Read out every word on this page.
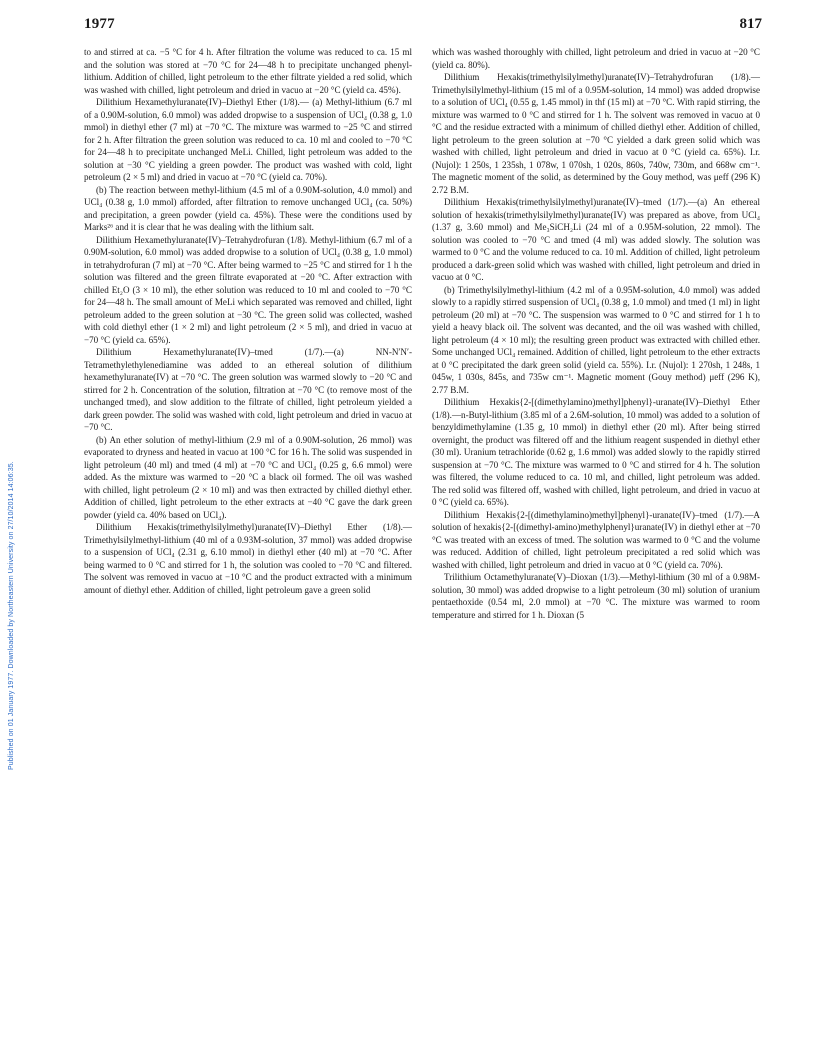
1977	817
Published on 01 January 1977. Downloaded by Northeastern University on 27/10/2014 14:06:35.

to and stirred at ca. −5 °C for 4 h. After filtration the volume was reduced to ca. 15 ml and the solution was stored at −70 °C for 24—48 h to precipitate unchanged phenyl-lithium. Addition of chilled, light petroleum to the ether filtrate yielded a red solid, which was washed with chilled, light petroleum and dried in vacuo at −20 °C (yield ca. 45%).

Dilithium Hexamethyluranate(IV)–Diethyl Ether (1/8).— (a) Methyl-lithium (6.7 ml of a 0.90M-solution, 6.0 mmol) was added dropwise to a suspension of UCl₄ (0.38 g, 1.0 mmol) in diethyl ether (7 ml) at −70 °C. The mixture was warmed to −25 °C and stirred for 2 h. After filtration the green solution was reduced to ca. 10 ml and cooled to −70 °C for 24—48 h to precipitate unchanged MeLi. Chilled, light petroleum was added to the solution at −30 °C yielding a green powder. The product was washed with cold, light petroleum (2 × 5 ml) and dried in vacuo at −70 °C (yield ca. 70%).

(b) The reaction between methyl-lithium (4.5 ml of a 0.90M-solution, 4.0 mmol) and UCl₄ (0.38 g, 1.0 mmol) afforded, after filtration to remove unchanged UCl₄ (ca. 50%) and precipitation, a green powder (yield ca. 45%). These were the conditions used by Marks²⁶ and it is clear that he was dealing with the lithium salt.

Dilithium Hexamethyluranate(IV)–Tetrahydrofuran (1/8). Methyl-lithium (6.7 ml of a 0.90M-solution, 6.0 mmol) was added dropwise to a solution of UCl₄ (0.38 g, 1.0 mmol) in tetrahydrofuran (7 ml) at −70 °C. After being warmed to −25 °C and stirred for 1 h the solution was filtered and the green filtrate evaporated at −20 °C. After extraction with chilled Et₂O (3 × 10 ml), the ether solution was reduced to 10 ml and cooled to −70 °C for 24—48 h. The small amount of MeLi which separated was removed and chilled, light petroleum added to the green solution at −30 °C. The green solid was collected, washed with cold diethyl ether (1 × 2 ml) and light petroleum (2 × 5 ml), and dried in vacuo at −70 °C (yield ca. 65%).

Dilithium Hexamethyluranate(IV)–tmed (1/7).—(a) NN-N′N′-Tetramethylethylenediamine was added to an ethereal solution of dilithium hexamethyluranate(IV) at −70 °C. The green solution was warmed slowly to −20 °C and stirred for 2 h. Concentration of the solution, filtration at −70 °C (to remove most of the unchanged tmed), and slow addition to the filtrate of chilled, light petroleum yielded a dark green powder. The solid was washed with cold, light petroleum and dried in vacuo at −70 °C.

(b) An ether solution of methyl-lithium (2.9 ml of a 0.90M-solution, 26 mmol) was evaporated to dryness and heated in vacuo at 100 °C for 16 h. The solid was suspended in light petroleum (40 ml) and tmed (4 ml) at −70 °C and UCl₄ (0.25 g, 6.6 mmol) were added. As the mixture was warmed to −20 °C a black oil formed. The oil was washed with chilled, light petroleum (2 × 10 ml) and was then extracted by chilled diethyl ether. Addition of chilled, light petroleum to the ether extracts at −40 °C gave the dark green powder (yield ca. 40% based on UCl₄).

Dilithium Hexakis(trimethylsilylmethyl)uranate(IV)–Diethyl Ether (1/8).—Trimethylsilylmethyl-lithium (40 ml of a 0.93M-solution, 37 mmol) was added dropwise to a suspension of UCl₄ (2.31 g, 6.10 mmol) in diethyl ether (40 ml) at −70 °C. After being warmed to 0 °C and stirred for 1 h, the solution was cooled to −70 °C and filtered. The solvent was removed in vacuo at −10 °C and the product extracted with a minimum amount of diethyl ether. Addition of chilled, light petroleum gave a green solid

which was washed thoroughly with chilled, light petroleum and dried in vacuo at −20 °C (yield ca. 80%).

Dilithium Hexakis(trimethylsilylmethyl)uranate(IV)–Tetrahydrofuran (1/8).—Trimethylsilylmethyl-lithium (15 ml of a 0.95M-solution, 14 mmol) was added dropwise to a solution of UCl₄ (0.55 g, 1.45 mmol) in thf (15 ml) at −70 °C. With rapid stirring, the mixture was warmed to 0 °C and stirred for 1 h. The solvent was removed in vacuo at 0 °C and the residue extracted with a minimum of chilled diethyl ether. Addition of chilled, light petroleum to the green solution at −70 °C yielded a dark green solid which was washed with chilled, light petroleum and dried in vacuo at 0 °C (yield ca. 65%). I.r. (Nujol): 1 250s, 1 235sh, 1 078w, 1 070sh, 1 020s, 860s, 740w, 730m, and 668w cm⁻¹. The magnetic moment of the solid, as determined by the Gouy method, was μeff (296 K) 2.72 B.M.

Dilithium Hexakis(trimethylsilylmethyl)uranate(IV)–tmed (1/7).—(a) An ethereal solution of hexakis(trimethylsilylmethyl)uranate(IV) was prepared as above, from UCl₄ (1.37 g, 3.60 mmol) and Me₃SiCH₂Li (24 ml of a 0.95M-solution, 22 mmol). The solution was cooled to −70 °C and tmed (4 ml) was added slowly. The solution was warmed to 0 °C and the volume reduced to ca. 10 ml. Addition of chilled, light petroleum produced a dark-green solid which was washed with chilled, light petroleum and dried in vacuo at 0 °C.

(b) Trimethylsilylmethyl-lithium (4.2 ml of a 0.95M-solution, 4.0 mmol) was added slowly to a rapidly stirred suspension of UCl₄ (0.38 g, 1.0 mmol) and tmed (1 ml) in light petroleum (20 ml) at −70 °C. The suspension was warmed to 0 °C and stirred for 1 h to yield a heavy black oil. The solvent was decanted, and the oil was washed with chilled, light petroleum (4 × 10 ml); the resulting green product was extracted with chilled ether. Some unchanged UCl₄ remained. Addition of chilled, light petroleum to the ether extracts at 0 °C precipitated the dark green solid (yield ca. 55%). I.r. (Nujol): 1 270sh, 1 248s, 1 045w, 1 030s, 845s, and 735w cm⁻¹. Magnetic moment (Gouy method) μeff (296 K), 2.77 B.M.

Dilithium Hexakis{2-[(dimethylamino)methyl]phenyl}-uranate(IV)–Diethyl Ether (1/8).—n-Butyl-lithium (3.85 ml of a 2.6M-solution, 10 mmol) was added to a solution of benzyldimethylamine (1.35 g, 10 mmol) in diethyl ether (20 ml). After being stirred overnight, the product was filtered off and the lithium reagent suspended in diethyl ether (30 ml). Uranium tetrachloride (0.62 g, 1.6 mmol) was added slowly to the rapidly stirred suspension at −70 °C. The mixture was warmed to 0 °C and stirred for 4 h. The solution was filtered, the volume reduced to ca. 10 ml, and chilled, light petroleum was added. The red solid was filtered off, washed with chilled, light petroleum, and dried in vacuo at 0 °C (yield ca. 65%).

Dilithium Hexakis{2-[(dimethylamino)methyl]phenyl}-uranate(IV)–tmed (1/7).—A solution of hexakis{2-[(dimethyl-amino)methylphenyl}uranate(IV) in diethyl ether at −70 °C was treated with an excess of tmed. The solution was warmed to 0 °C and the volume was reduced. Addition of chilled, light petroleum precipitated a red solid which was washed with chilled, light petroleum and dried in vacuo at 0 °C (yield ca. 70%).

Trilithium Octamethyluranate(V)–Dioxan (1/3).—Methyl-lithium (30 ml of a 0.98M-solution, 30 mmol) was added dropwise to a light petroleum (30 ml) solution of uranium pentaethoxide (0.54 ml, 2.0 mmol) at −70 °C. The mixture was warmed to room temperature and stirred for 1 h. Dioxan (5
